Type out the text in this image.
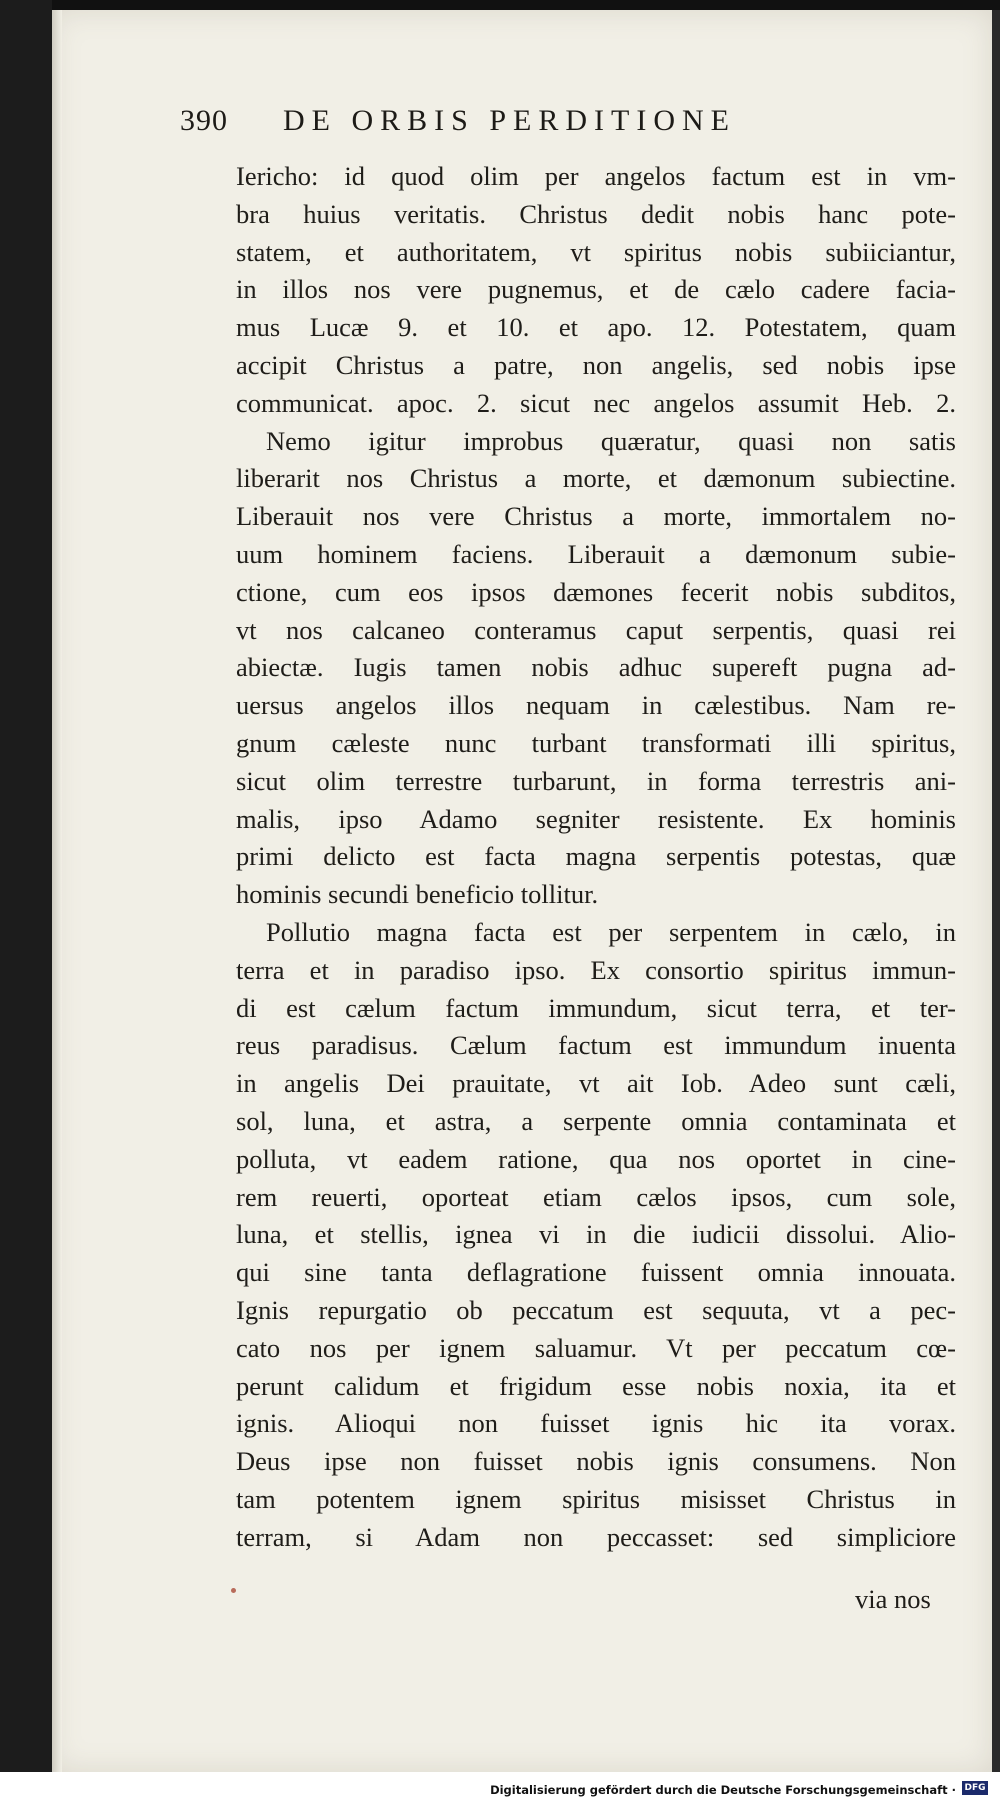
390 DE ORBIS PERDITIONE
Iericho: id quod olim per angelos factum est in vm-
bra huius veritatis. Christus dedit nobis hanc pote-
statem, et authoritatem, vt spiritus nobis subiiciantur,
in illos nos vere pugnemus, et de cælo cadere facia-
mus Lucæ 9. et 10. et apo. 12. Potestatem, quam
accipit Christus a patre, non angelis, sed nobis ipse
communicat. apoc. 2. sicut nec angelos assumit Heb. 2.
Nemo igitur improbus quæratur, quasi non satis
liberarit nos Christus a morte, et dæmonum subiectine.
Liberauit nos vere Christus a morte, immortalem no-
uum hominem faciens. Liberauit a dæmonum subie-
ctione, cum eos ipsos dæmones fecerit nobis subditos,
vt nos calcaneo conteramus caput serpentis, quasi rei
abiectæ. Iugis tamen nobis adhuc supereft pugna ad-
uersus angelos illos nequam in cælestibus. Nam re-
gnum cæleste nunc turbant transformati illi spiritus,
sicut olim terrestre turbarunt, in forma terrestris ani-
malis, ipso Adamo segniter resistente. Ex hominis
primi delicto est facta magna serpentis potestas, quæ
hominis secundi beneficio tollitur.
Pollutio magna facta est per serpentem in cælo, in
terra et in paradiso ipso. Ex consortio spiritus immun-
di est cælum factum immundum, sicut terra, et ter-
reus paradisus. Cælum factum est immundum inuenta
in angelis Dei prauitate, vt ait Iob. Adeo sunt cæli,
sol, luna, et astra, a serpente omnia contaminata et
polluta, vt eadem ratione, qua nos oportet in cine-
rem reuerti, oporteat etiam cælos ipsos, cum sole,
luna, et stellis, ignea vi in die iudicii dissolui. Alio-
qui sine tanta deflagratione fuissent omnia innouata.
Ignis repurgatio ob peccatum est sequuta, vt a pec-
cato nos per ignem saluamur. Vt per peccatum cœ-
perunt calidum et frigidum esse nobis noxia, ita et
ignis. Alioqui non fuisset ignis hic ita vorax.
Deus ipse non fuisset nobis ignis consumens. Non
tam potentem ignem spiritus misisset Christus in
terram, si Adam non peccasset: sed simpliciore
via nos
Digitalisierung gefördert durch die Deutsche Forschungsgemeinschaft · DFG
